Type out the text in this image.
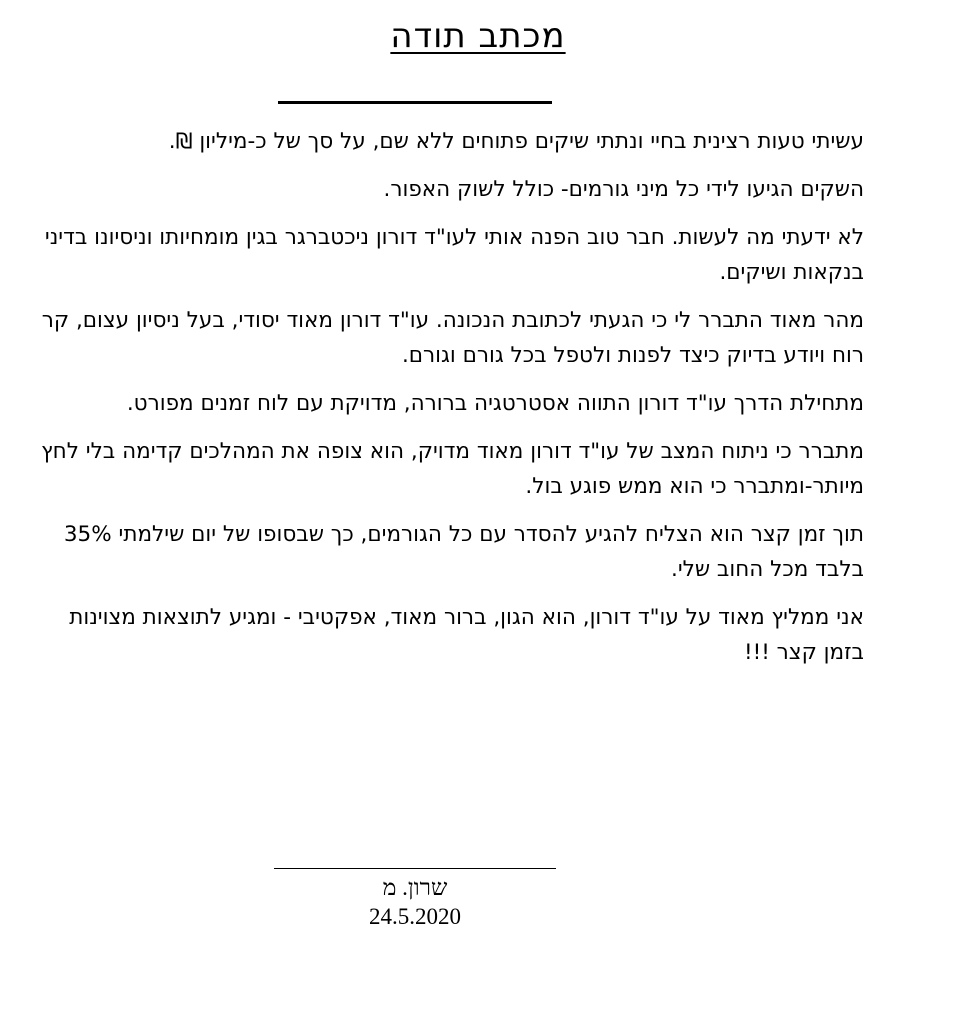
מכתב תודה

עשיתי טעות רצינית בחיי ונתתי שיקים פתוחים ללא שם, על סך של כ-מיליון ₪.

השקים הגיעו לידי כל מיני גורמים- כולל לשוק האפור.

לא ידעתי מה לעשות. חבר טוב הפנה אותי לעו"ד דורון ניכטברגר בגין מומחיותו וניסיונו בדיני בנקאות ושיקים.

מהר מאוד התברר לי כי הגעתי לכתובת הנכונה. עו"ד דורון מאוד יסודי, בעל ניסיון עצום, קר רוח ויודע בדיוק כיצד לפנות ולטפל בכל גורם וגורם.

מתחילת הדרך עו"ד דורון התווה אסטרטגיה ברורה, מדויקת עם לוח זמנים מפורט.

מתברר כי ניתוח המצב של עו"ד דורון מאוד מדויק, הוא צופה את המהלכים קדימה בלי לחץ מיותר-ומתברר כי הוא ממש פוגע בול.

תוך זמן קצר הוא הצליח להגיע להסדר עם כל הגורמים, כך שבסופו של יום שילמתי 35% בלבד מכל החוב שלי.

אני ממליץ מאוד על עו"ד דורון, הוא הגון, ברור מאוד, אפקטיבי - ומגיע לתוצאות מצוינות בזמן קצר !!!

שרון. מ
24.5.2020
